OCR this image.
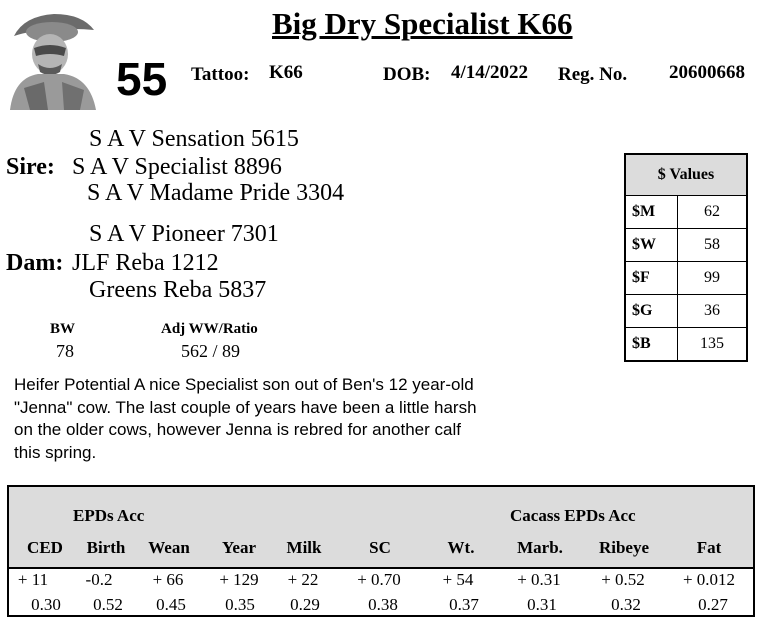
Big Dry Specialist K66
55 Tattoo: K66	DOB: 4/14/2022 Reg. No. 20600668
S A V Sensation 5615
Sire: S A V Specialist 8896
S A V Madame Pride 3304
S A V Pioneer 7301
Dam: JLF Reba 1212
Greens Reba 5837
BW
78
Adj WW/Ratio
562 / 89
Heifer Potential A nice Specialist son out of Ben's 12 year-old "Jenna" cow. The last couple of years have been a little harsh on the older cows, however Jenna is rebred for another calf this spring.
$ Values	
$M	62
$W	58
$F	99
$G	36
$B	135
EPDs Acc	Cacass EPDs Acc
CED Birth Wean Year Milk	SC	Wt.	Marb. Ribeye	Fat
+ 11 -0.2 + 66 + 129 + 22 + 0.70 + 54	+ 0.31 + 0.52 + 0.012
0.30 0.52 0.45 0.35 0.29	0.38	0.37	0.31	0.32	0.27
